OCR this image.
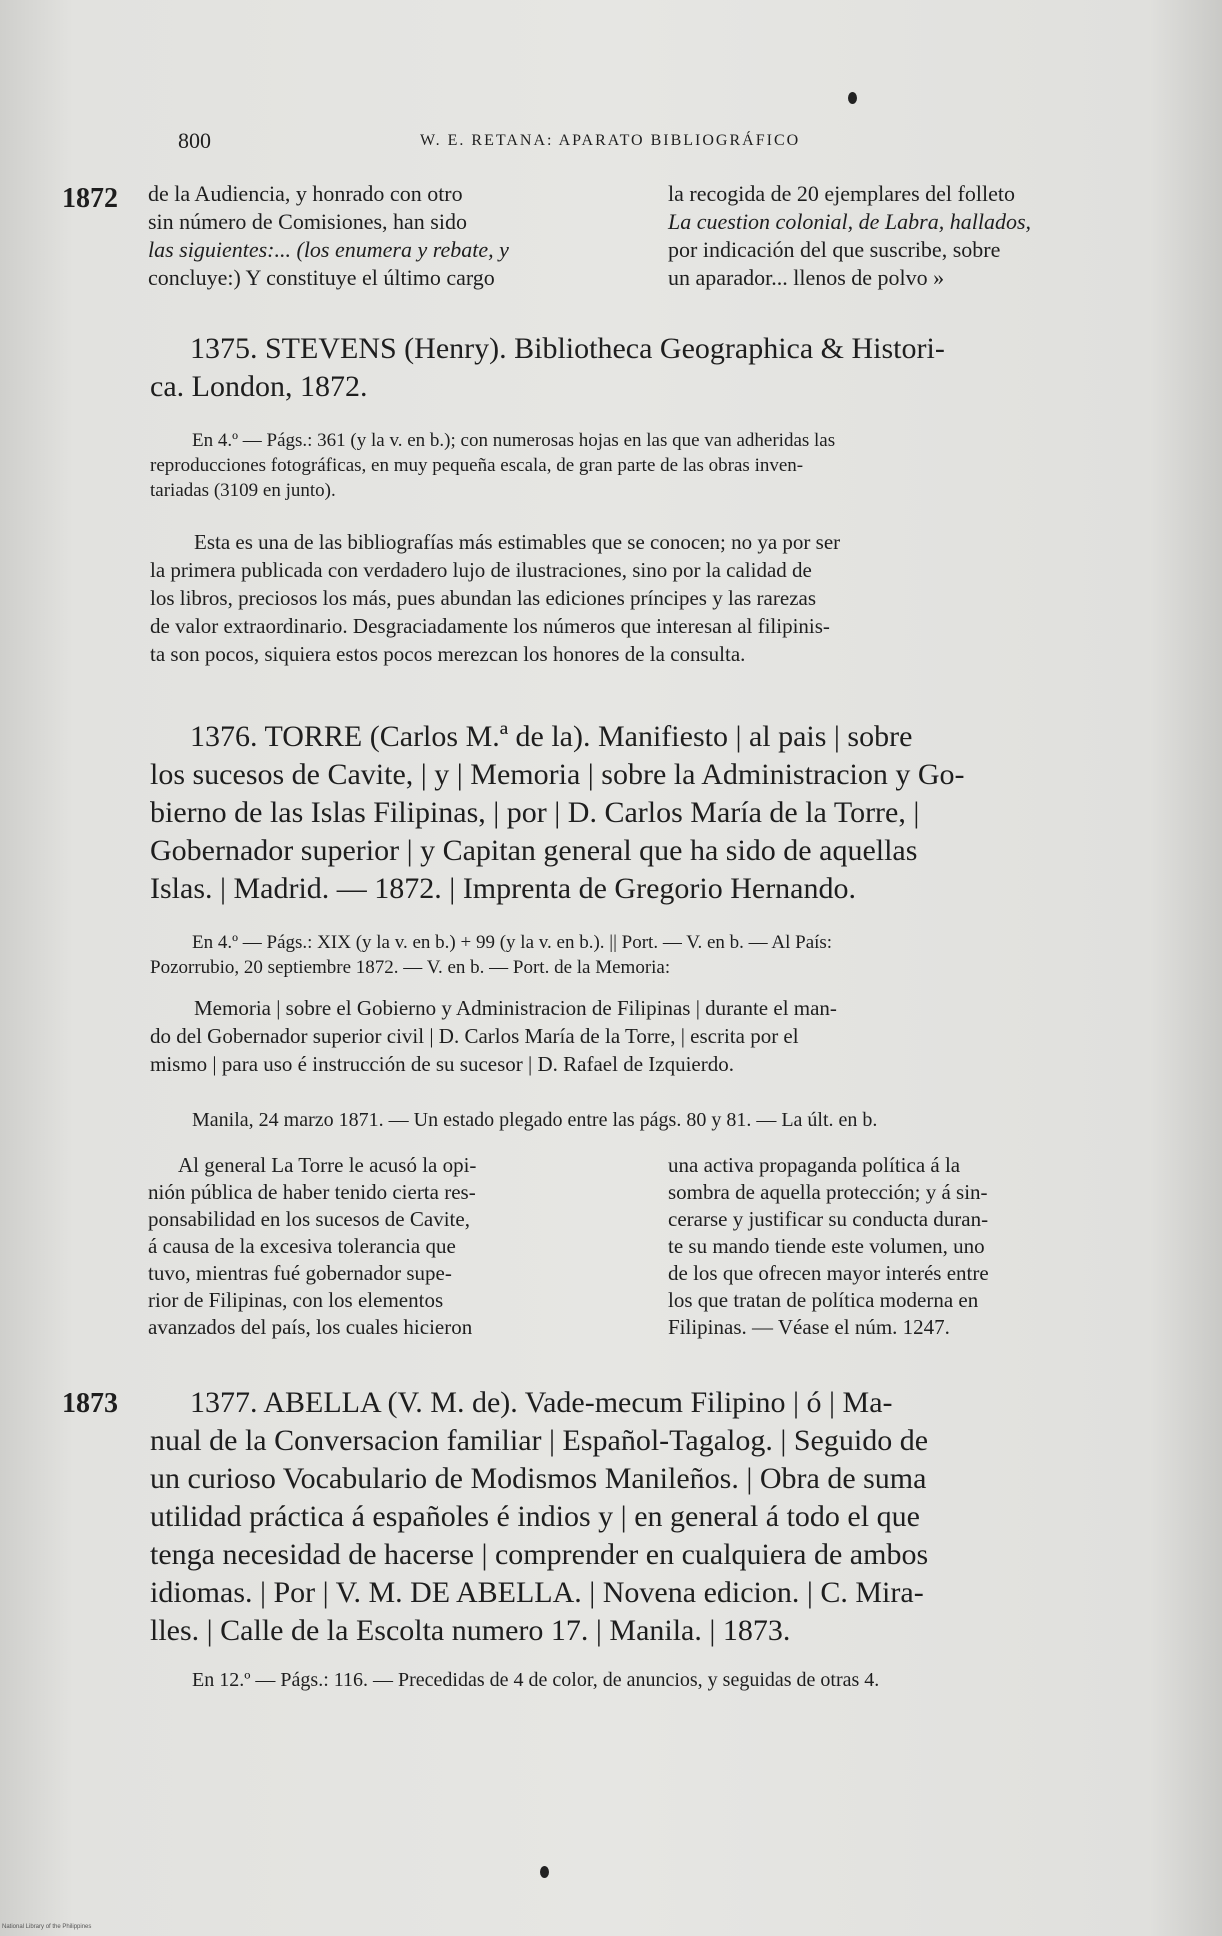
800	W. E. RETANA: APARATO BIBLIOGRÁFICO
1872 de la Audiencia, y honrado con otro

sin número de Comisiones, han sido

las siguientes:... (los enumera y rebate, y

concluye:) Y constituye el último cargo

la recogida de 20 ejemplares del folleto

La cuestion colonial, de Labra, hallados,

por indicación del que suscribe, sobre

un aparador... llenos de polvo »

1375. STEVENS (Henry). Bibliotheca Geographica & Histori-

ca. London, 1872.

En 4.º — Págs.: 361 (y la v. en b.); con numerosas hojas en las que van adheridas las

reproducciones fotográficas, en muy pequeña escala, de gran parte de las obras inven-

tariadas (3109 en junto).

Esta es una de las bibliografías más estimables que se conocen; no ya por ser

la primera publicada con verdadero lujo de ilustraciones, sino por la calidad de

los libros, preciosos los más, pues abundan las ediciones príncipes y las rarezas

de valor extraordinario. Desgraciadamente los números que interesan al filipinis-

ta son pocos, siquiera estos pocos merezcan los honores de la consulta.

1376. TORRE (Carlos M.ª de la). Manifiesto | al pais | sobre

los sucesos de Cavite, | y | Memoria | sobre la Administracion y Go-

bierno de las Islas Filipinas, | por | D. Carlos María de la Torre, |

Gobernador superior | y Capitan general que ha sido de aquellas

Islas. | Madrid. — 1872. | Imprenta de Gregorio Hernando.

En 4.º — Págs.: XIX (y la v. en b.) + 99 (y la v. en b.). || Port. — V. en b. — Al País:

Pozorrubio, 20 septiembre 1872. — V. en b. — Port. de la Memoria:

Memoria | sobre el Gobierno y Administracion de Filipinas | durante el man-

do del Gobernador superior civil | D. Carlos María de la Torre, | escrita por el

mismo | para uso é instrucción de su sucesor | D. Rafael de Izquierdo.

Manila, 24 marzo 1871. — Un estado plegado entre las págs. 80 y 81. — La últ. en b.

Al general La Torre le acusó la opi-

nión pública de haber tenido cierta res-

ponsabilidad en los sucesos de Cavite,

á causa de la excesiva tolerancia que

tuvo, mientras fué gobernador supe-

rior de Filipinas, con los elementos

avanzados del país, los cuales hicieron

una activa propaganda política á la

sombra de aquella protección; y á sin-

cerarse y justificar su conducta duran-

te su mando tiende este volumen, uno

de los que ofrecen mayor interés entre

los que tratan de política moderna en

Filipinas. — Véase el núm. 1247.

1873	1377. ABELLA (V. M. de). Vade-mecum Filipino | ó | Ma-

nual de la Conversacion familiar | Español-Tagalog. | Seguido de

un curioso Vocabulario de Modismos Manileños. | Obra de suma

utilidad práctica á españoles é indios y | en general á todo el que

tenga necesidad de hacerse | comprender en cualquiera de ambos

idiomas. | Por | V. M. DE ABELLA. | Novena edicion. | C. Mira-

lles. | Calle de la Escolta numero 17. | Manila. | 1873.

En 12.º — Págs.: 116. — Precedidas de 4 de color, de anuncios, y seguidas de otras 4.
National Library of the Philippines
